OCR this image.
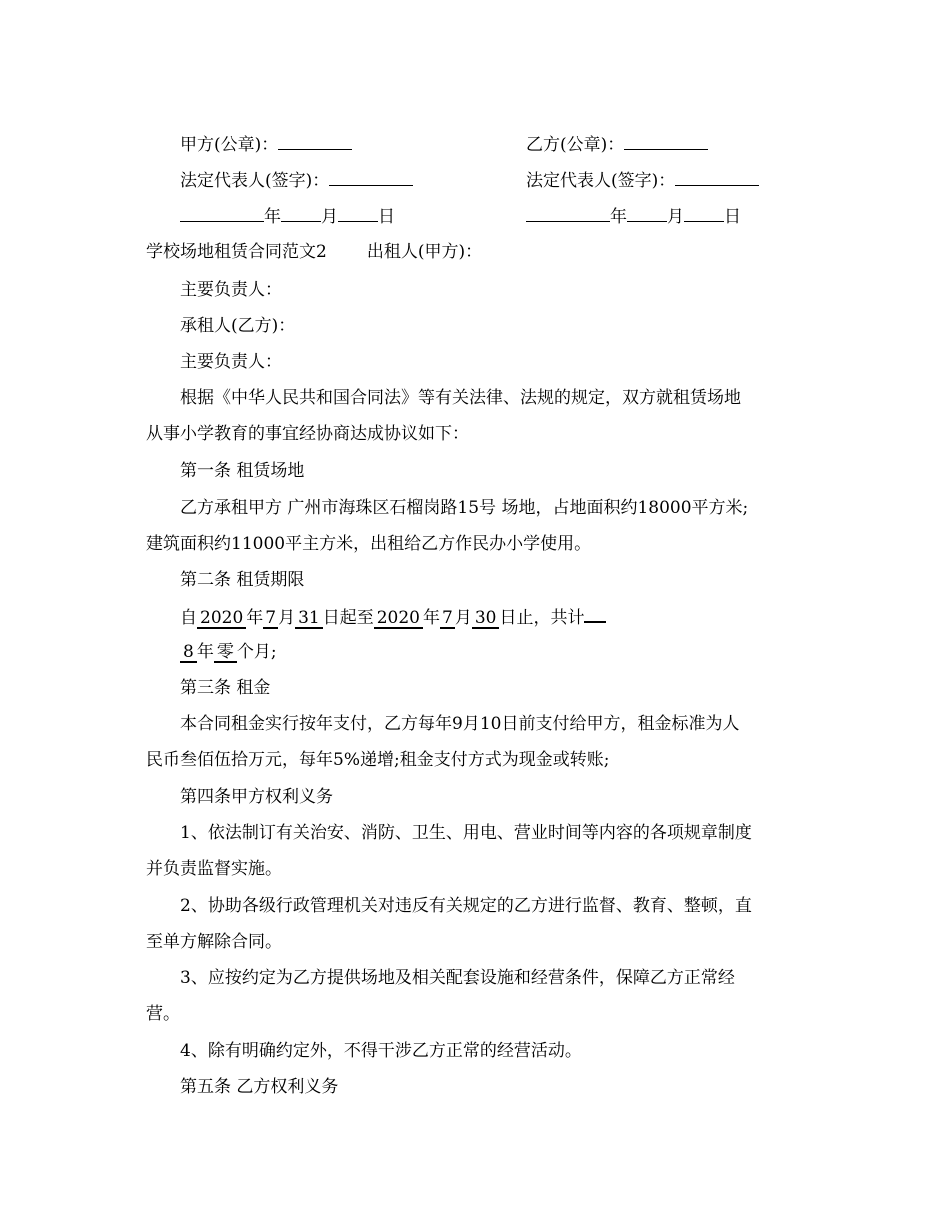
甲方(公章)：	乙方(公章)：
法定代表人(签字)：	法定代表人(签字)：
年 月 日	年 月 日
学校场地租赁合同范文2 出租人(甲方)：
主要负责人：
承租人(乙方)：
主要负责人：
根据《中华人民共和国合同法》等有关法律、法规的规定，双方就租赁场地
从事小学教育的事宜经协商达成协议如下：
第一条 租赁场地
乙方承租甲方 广州市海珠区石榴岗路15号 场地，占地面积约18000平方米;
建筑面积约11000平主方米，出租给乙方作民办小学使用。
第二条 租赁期限
自 2020 年 7 月 31 日起至 2020 年 7 月 30 日止，共计
8 年 零 个月;
第三条 租金
本合同租金实行按年支付，乙方每年9月10日前支付给甲方，租金标准为人
民币叁佰伍拾万元，每年5%递增;租金支付方式为现金或转账;
第四条甲方权利义务
1、依法制订有关治安、消防、卫生、用电、营业时间等内容的各项规章制度
并负责监督实施。
2、协助各级行政管理机关对违反有关规定的乙方进行监督、教育、整顿，直
至单方解除合同。
3、应按约定为乙方提供场地及相关配套设施和经营条件，保障乙方正常经
营。
4、除有明确约定外，不得干涉乙方正常的经营活动。
第五条 乙方权利义务
